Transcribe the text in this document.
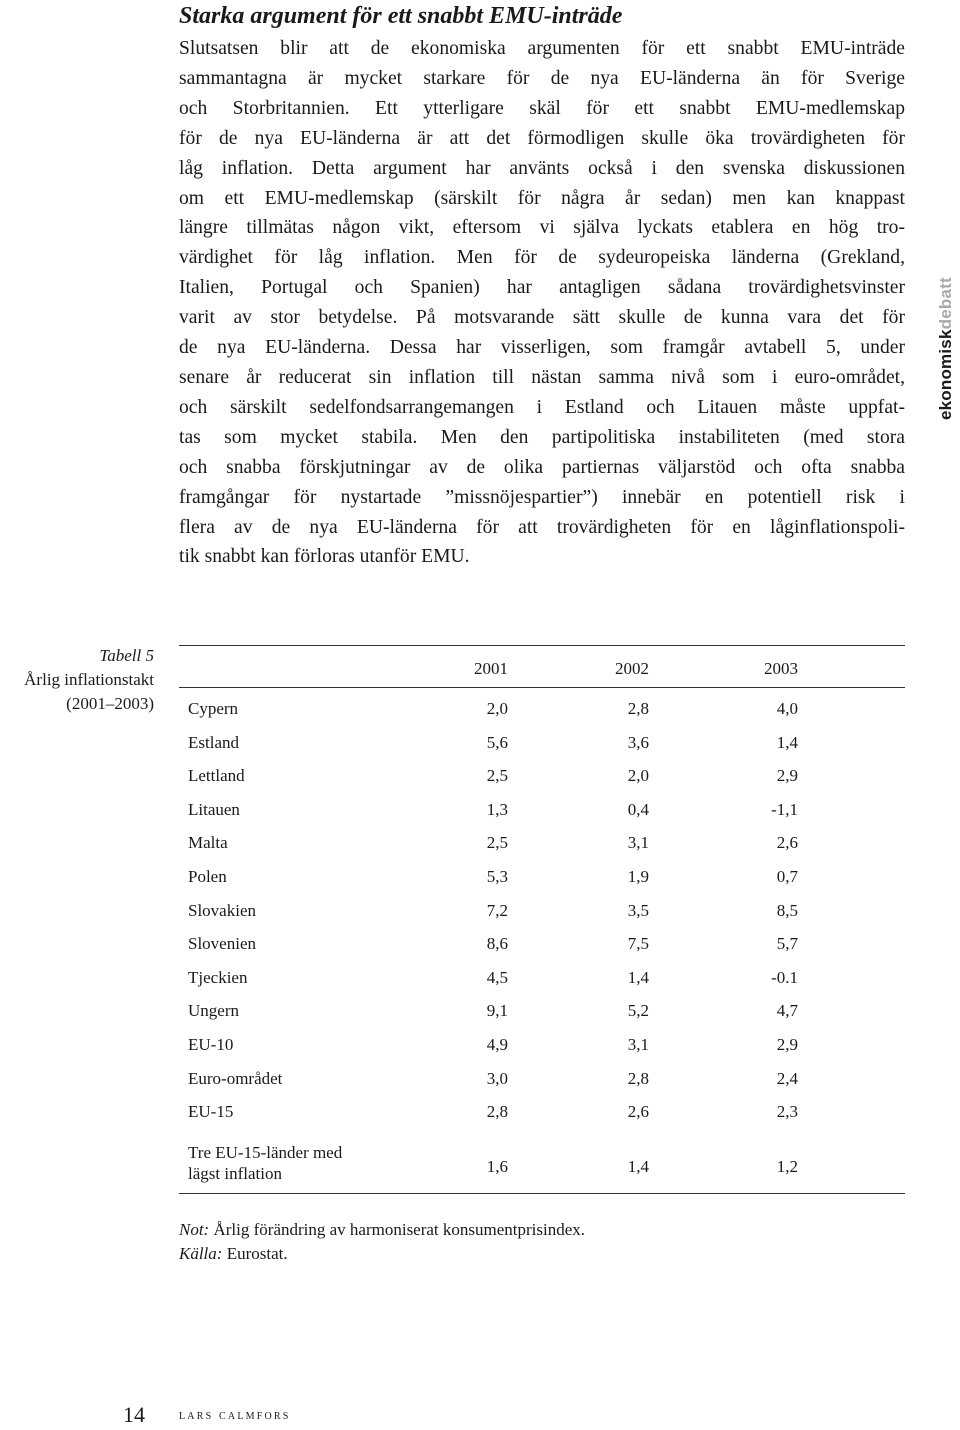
Starka argument för ett snabbt EMU-inträde
Slutsatsen blir att de ekonomiska argumenten för ett snabbt EMU-inträde
sammantagna är mycket starkare för de nya EU-länderna än för Sverige
och Storbritannien. Ett ytterligare skäl för ett snabbt EMU-medlemskap
för de nya EU-länderna är att det förmodligen skulle öka trovärdigheten för
låg inflation. Detta argument har använts också i den svenska diskussionen
om ett EMU-medlemskap (särskilt för några år sedan) men kan knappast
längre tillmätas någon vikt, eftersom vi själva lyckats etablera en hög tro-
värdighet för låg inflation. Men för de sydeuropeiska länderna (Grekland,
Italien, Portugal och Spanien) har antagligen sådana trovärdighetsvinster
varit av stor betydelse. På motsvarande sätt skulle de kunna vara det för
de nya EU-länderna. Dessa har visserligen, som framgår avtabell 5, under
senare år reducerat sin inflation till nästan samma nivå som i euro-området,
och särskilt sedelfondsarrangemangen i Estland och Litauen måste uppfat-
tas som mycket stabila. Men den partipolitiska instabiliteten (med stora
och snabba förskjutningar av de olika partiernas väljarstöd och ofta snabba
framgångar för nystartade ”missnöjespartier”) innebär en potentiell risk i
flera av de nya EU-länderna för att trovärdigheten för en låginflationspoli-
tik snabbt kan förloras utanför EMU.
ekonomiskdebatt
Tabell 5
Årlig inflationstakt
(2001–2003)
2001	2002	2003
Tre EU-15-länder med
lägst inflation	1,6	1,4	1,2
Cypern	2,0	2,8	4,0
Estland	5,6	3,6	1,4
Lettland	2,5	2,0	2,9
Litauen	1,3	0,4	-1,1
Malta	2,5	3,1	2,6
Polen	5,3	1,9	0,7
Slovakien	7,2	3,5	8,5
Slovenien	8,6	7,5	5,7
Tjeckien	4,5	1,4	-0.1
Ungern	9,1	5,2	4,7
EU-10	4,9	3,1	2,9
Euro-området	3,0	2,8	2,4
EU-15	2,8	2,6	2,3
Not: Årlig förändring av harmoniserat konsumentprisindex.
Källa: Eurostat.
14 lars calmfors
